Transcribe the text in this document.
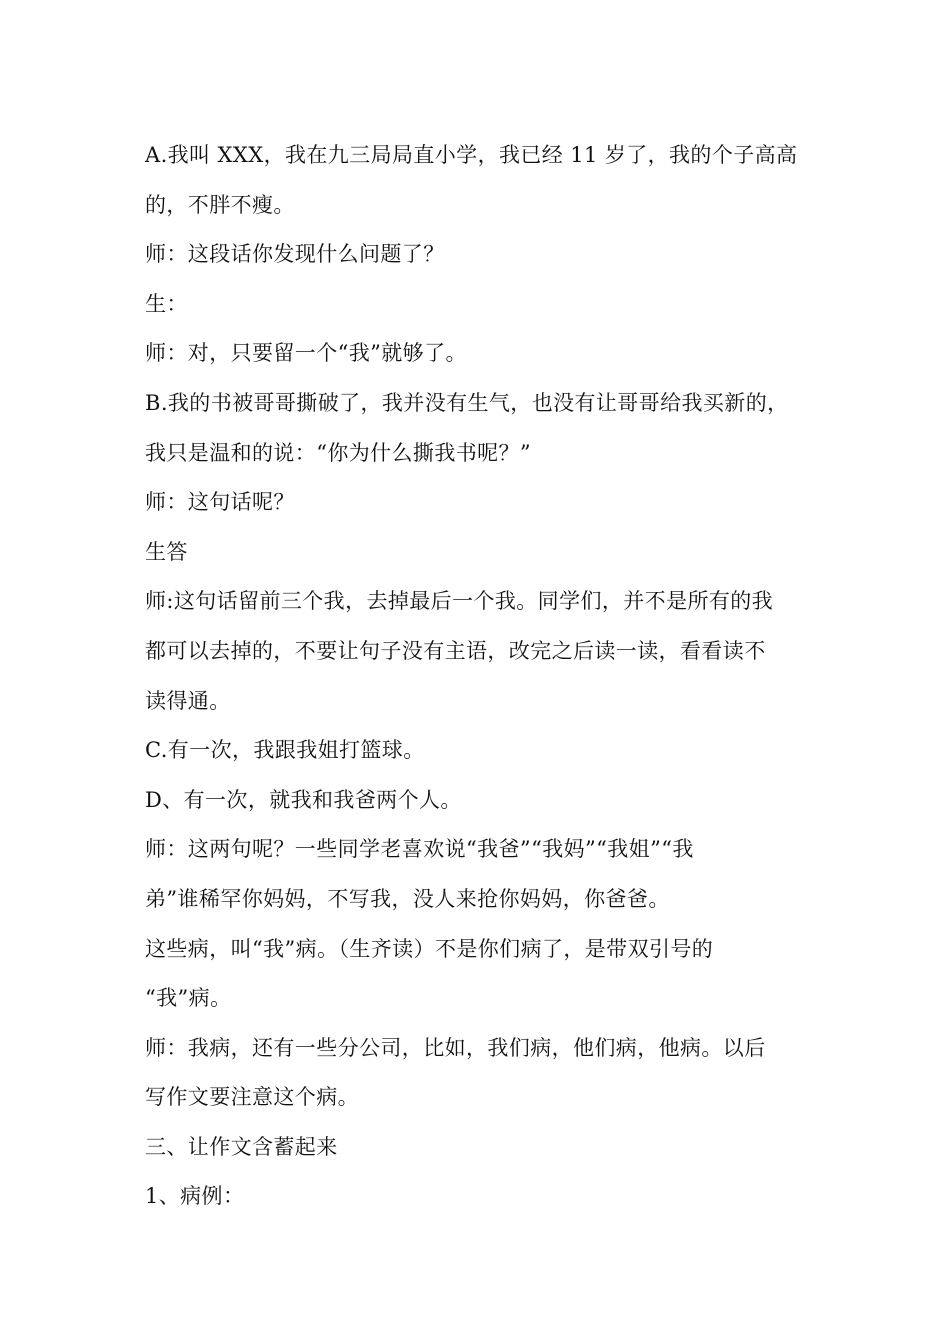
A.我叫 XXX，我在九三局局直小学，我已经 11 岁了，我的个子高高
的，不胖不瘦。
师：这段话你发现什么问题了？
生：
师：对，只要留一个“我”就够了。
B.我的书被哥哥撕破了，我并没有生气，也没有让哥哥给我买新的，
我只是温和的说：“你为什么撕我书呢？”
师：这句话呢？
生答
师:这句话留前三个我，去掉最后一个我。同学们，并不是所有的我
都可以去掉的，不要让句子没有主语，改完之后读一读，看看读不
读得通。
C.有一次，我跟我姐打篮球。
D、有一次，就我和我爸两个人。
师：这两句呢？一些同学老喜欢说“我爸”“我妈”“我姐”“我
弟”谁稀罕你妈妈，不写我，没人来抢你妈妈，你爸爸。
这些病，叫“我”病。（生齐读）不是你们病了，是带双引号的
“我”病。
师：我病，还有一些分公司，比如，我们病，他们病，他病。以后
写作文要注意这个病。
三、让作文含蓄起来
1、病例：
